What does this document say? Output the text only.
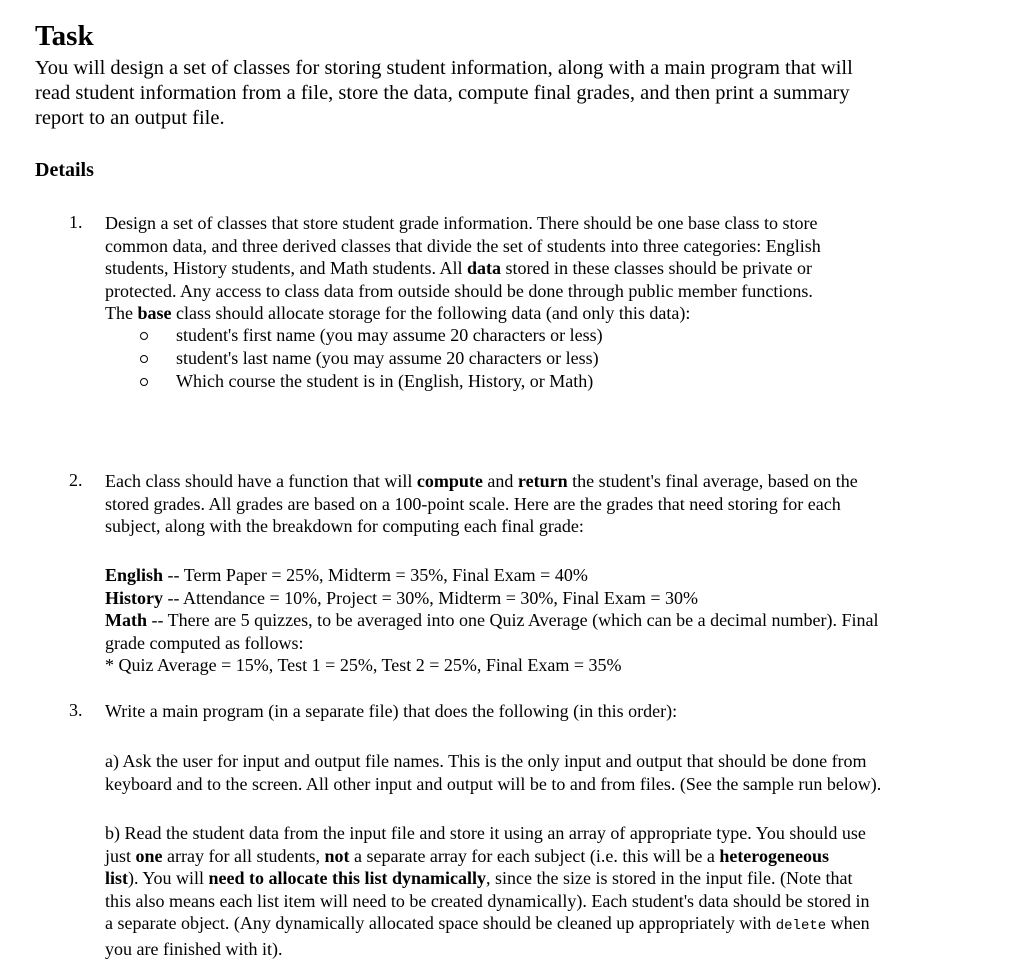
Task

You will design a set of classes for storing student information, along with a main program that will
read student information from a file, store the data, compute final grades, and then print a summary
report to an output file.

Details
1. Design a set of classes that store student grade information. There should be one base class to store
common data, and three derived classes that divide the set of students into three categories: English
students, History students, and Math students. All data stored in these classes should be private or
protected. Any access to class data from outside should be done through public member functions.
The base class should allocate storage for the following data (and only this data):

student's first name (you may assume 20 characters or less)
student's last name (you may assume 20 characters or less)
Which course the student is in (English, History, or Math)
2. Each class should have a function that will compute and return the student's final average, based on the
stored grades. All grades are based on a 100-point scale. Here are the grades that need storing for each
subject, along with the breakdown for computing each final grade:

English -- Term Paper = 25%, Midterm = 35%, Final Exam = 40%
History -- Attendance = 10%, Project = 30%, Midterm = 30%, Final Exam = 30%
Math -- There are 5 quizzes, to be averaged into one Quiz Average (which can be a decimal number). Final
grade computed as follows:
* Quiz Average = 15%, Test 1 = 25%, Test 2 = 25%, Final Exam = 35%

3. Write a main program (in a separate file) that does the following (in this order):

a) Ask the user for input and output file names. This is the only input and output that should be done from
keyboard and to the screen. All other input and output will be to and from files. (See the sample run below).

b) Read the student data from the input file and store it using an array of appropriate type. You should use
just one array for all students, not a separate array for each subject (i.e. this will be a heterogeneous
list). You will need to allocate this list dynamically, since the size is stored in the input file. (Note that
this also means each list item will need to be created dynamically). Each student's data should be stored in
a separate object. (Any dynamically allocated space should be cleaned up appropriately with delete when
you are finished with it).
